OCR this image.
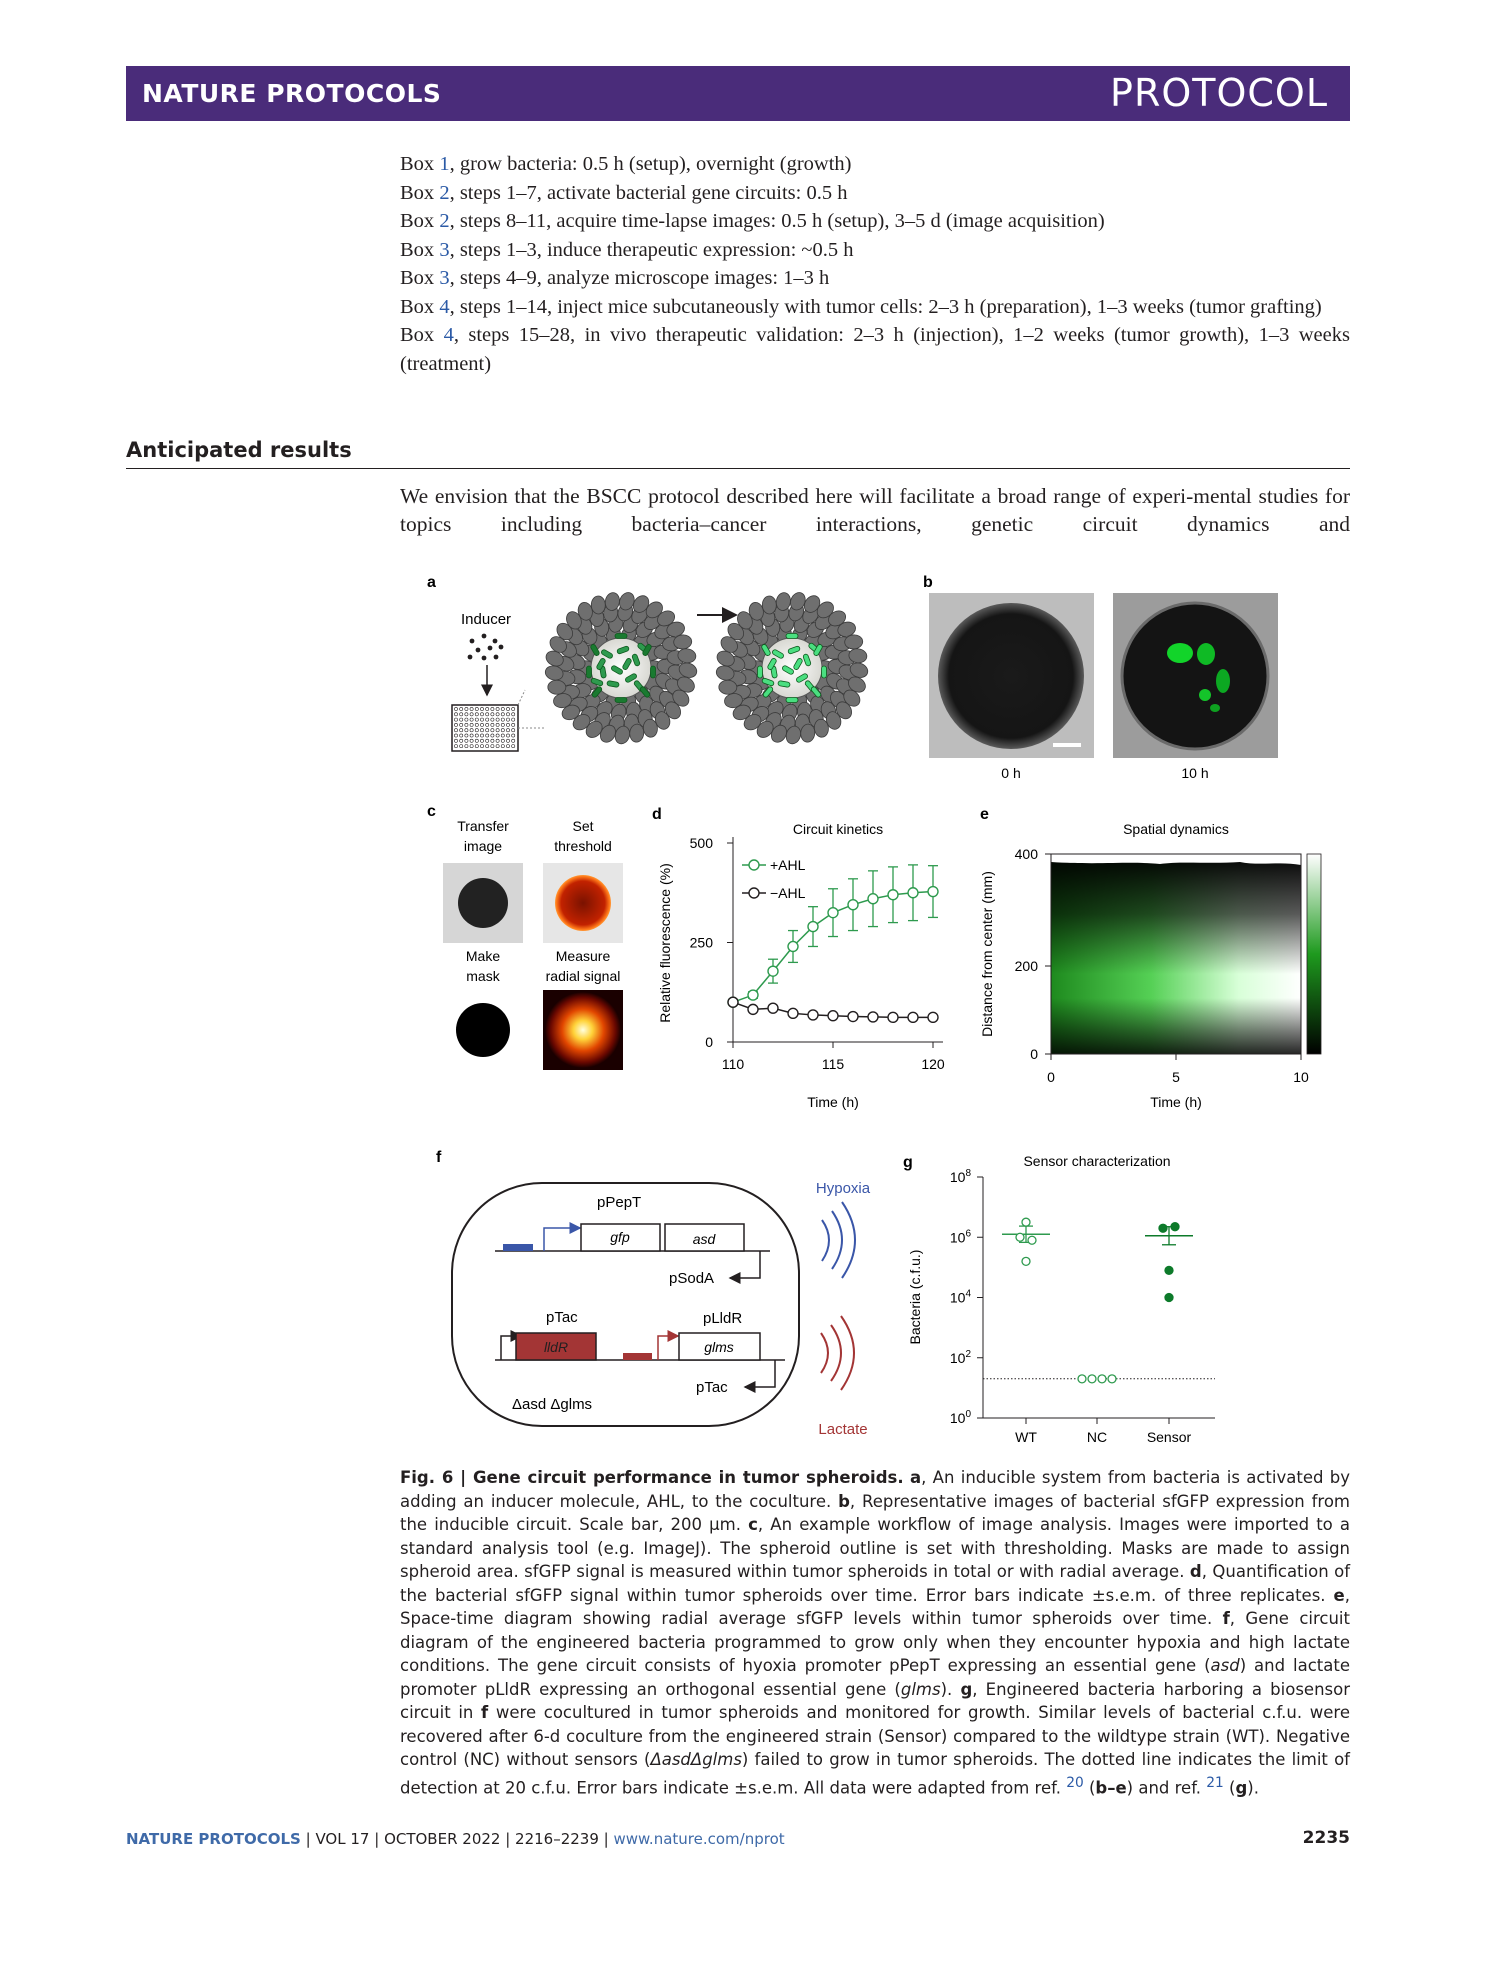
NATURE PROTOCOLS	PROTOCOL

Box 1, grow bacteria: 0.5 h (setup), overnight (growth)

Box 2, steps 1–7, activate bacterial gene circuits: 0.5 h

Box 2, steps 8–11, acquire time-lapse images: 0.5 h (setup), 3–5 d (image acquisition)

Box 3, steps 1–3, induce therapeutic expression: ~0.5 h

Box 3, steps 4–9, analyze microscope images: 1–3 h

Box 4, steps 1–14, inject mice subcutaneously with tumor cells: 2–3 h (preparation), 1–3 weeks (tumor grafting)

Box 4, steps 15–28, in vivo therapeutic validation: 2–3 h (injection), 1–2 weeks (tumor growth), 1–3 weeks (treatment)

Anticipated results
We envision that the BSCC protocol described here will facilitate a broad range of experi-mental studies for topics including bacteria–cancer interactions, genetic circuit dynamics and
a
Inducer
b
0 h	10 h
c
Transfer image
Set threshold
Make mask
Measure radial signal
d
Circuit kinetics
0
250
500
110	115	120
Time (h)
Relative fluorescence (%)	+AHL
−AHL
e
Spatial dynamics
Distance from center (mm)
Time (h)
400
200
0
0	5	10
f
pPepT
gfp	asd
pSodA
pTac
lldR
pLldR
glms
pTac
Δasd Δglms
Hypoxia
Lactate
g	Sensor characterization
$10^0$
$10^2$
$10^4$
$10^6$
$10^8$
Bacteria (c.f.u.)
WT	NC	Sensor
Fig. 6 | Gene circuit performance in tumor spheroids. a, An inducible system from bacteria is activated by adding an inducer molecule, AHL, to the coculture. b, Representative images of bacterial sfGFP expression from the inducible circuit. Scale bar, 200 μm. c, An example workflow of image analysis. Images were imported to a standard analysis tool (e.g. ImageJ). The spheroid outline is set with thresholding. Masks are made to assign spheroid area. sfGFP signal is measured within tumor spheroids in total or with radial average. d, Quantification of the bacterial sfGFP signal within tumor spheroids over time. Error bars indicate ±s.e.m. of three replicates. e, Space-time diagram showing radial average sfGFP levels within tumor spheroids over time. f, Gene circuit diagram of the engineered bacteria programmed to grow only when they encounter hypoxia and high lactate conditions. The gene circuit consists of hyoxia promoter pPepT expressing an essential gene (asd) and lactate promoter pLldR expressing an orthogonal essential gene (glms). g, Engineered bacteria harboring a biosensor circuit in f were cocultured in tumor spheroids and monitored for growth. Similar levels of bacterial c.f.u. were recovered after 6-d coculture from the engineered strain (Sensor) compared to the wildtype strain (WT). Negative control (NC) without sensors (ΔasdΔglms) failed to grow in tumor spheroids. The dotted line indicates the limit of detection at 20 c.f.u. Error bars indicate ±s.e.m. All data were adapted from ref. $^{20}$ (b–e) and ref. $^{21}$ (g).
NATURE PROTOCOLS | VOL 17 | OCTOBER 2022 | 2216–2239 | www.nature.com/nprot	2235
